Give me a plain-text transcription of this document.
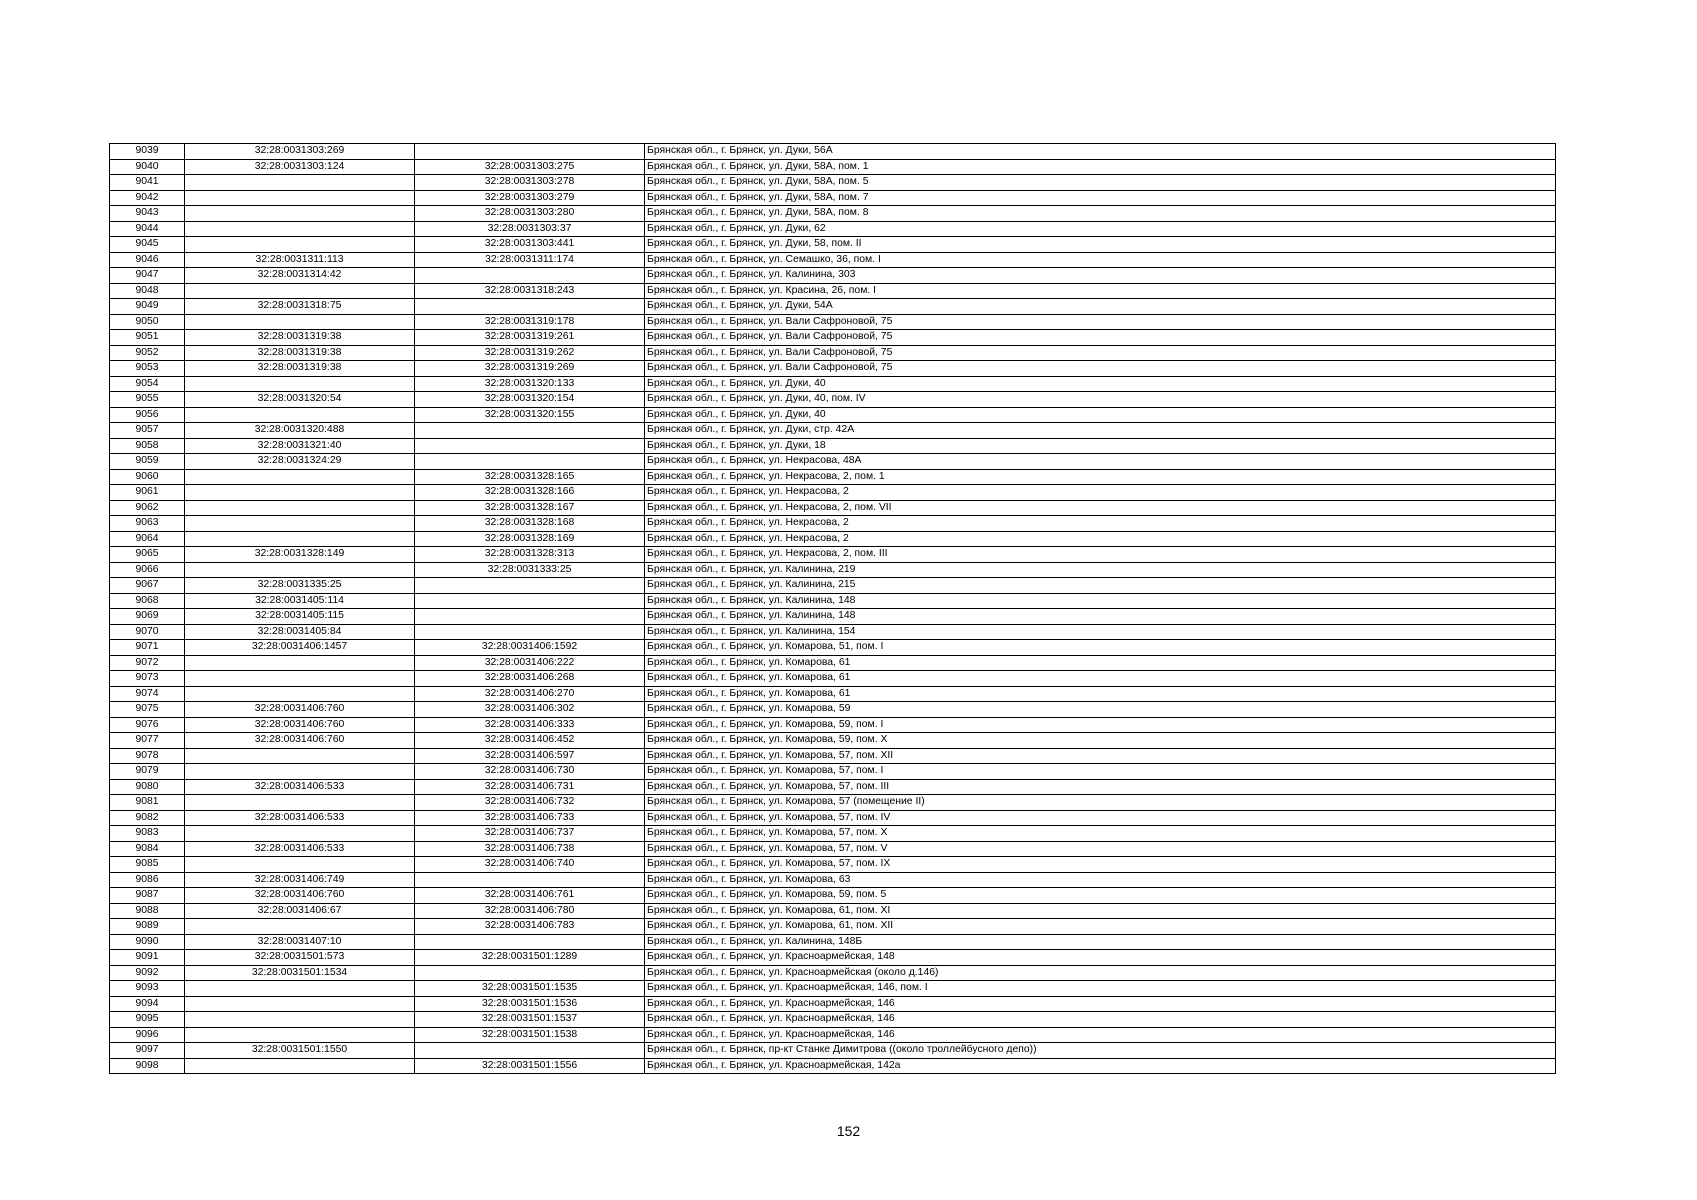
9039	32:28:0031303:269		Брянская обл., г. Брянск, ул. Дуки, 56А
9040	32:28:0031303:124	32:28:0031303:275	Брянская обл., г. Брянск, ул. Дуки, 58А, пом. 1
9041		32:28:0031303:278	Брянская обл., г. Брянск, ул. Дуки, 58А, пом. 5
9042		32:28:0031303:279	Брянская обл., г. Брянск, ул. Дуки, 58А, пом. 7
9043		32:28:0031303:280	Брянская обл., г. Брянск, ул. Дуки, 58А, пом. 8
9044		32:28:0031303:37	Брянская обл., г. Брянск, ул. Дуки, 62
9045		32:28:0031303:441	Брянская обл., г. Брянск, ул. Дуки, 58, пом. II
9046	32:28:0031311:113	32:28:0031311:174	Брянская обл., г. Брянск, ул. Семашко, 36, пом. I
9047	32:28:0031314:42		Брянская обл., г. Брянск, ул. Калинина, 303
9048		32:28:0031318:243	Брянская обл., г. Брянск, ул. Красина, 26, пом. I
9049	32:28:0031318:75		Брянская обл., г. Брянск, ул. Дуки, 54А
9050		32:28:0031319:178	Брянская обл., г. Брянск, ул. Вали Сафроновой, 75
9051	32:28:0031319:38	32:28:0031319:261	Брянская обл., г. Брянск, ул. Вали Сафроновой, 75
9052	32:28:0031319:38	32:28:0031319:262	Брянская обл., г. Брянск, ул. Вали Сафроновой, 75
9053	32:28:0031319:38	32:28:0031319:269	Брянская обл., г. Брянск, ул. Вали Сафроновой, 75
9054		32:28:0031320:133	Брянская обл., г. Брянск, ул. Дуки, 40
9055	32:28:0031320:54	32:28:0031320:154	Брянская обл., г. Брянск, ул. Дуки, 40, пом. IV
9056		32:28:0031320:155	Брянская обл., г. Брянск, ул. Дуки, 40
9057	32:28:0031320:488		Брянская обл., г. Брянск, ул. Дуки, стр. 42А
9058	32:28:0031321:40		Брянская обл., г. Брянск, ул. Дуки, 18
9059	32:28:0031324:29		Брянская обл., г. Брянск, ул. Некрасова, 48А
9060		32:28:0031328:165	Брянская обл., г. Брянск, ул. Некрасова, 2, пом. 1
9061		32:28:0031328:166	Брянская обл., г. Брянск, ул. Некрасова, 2
9062		32:28:0031328:167	Брянская обл., г. Брянск, ул. Некрасова, 2, пом. VII
9063		32:28:0031328:168	Брянская обл., г. Брянск, ул. Некрасова, 2
9064		32:28:0031328:169	Брянская обл., г. Брянск, ул. Некрасова, 2
9065	32:28:0031328:149	32:28:0031328:313	Брянская обл., г. Брянск, ул. Некрасова, 2, пом. III
9066		32:28:0031333:25	Брянская обл., г. Брянск, ул. Калинина, 219
9067	32:28:0031335:25		Брянская обл., г. Брянск, ул. Калинина, 215
9068	32:28:0031405:114		Брянская обл., г. Брянск, ул. Калинина, 148
9069	32:28:0031405:115		Брянская обл., г. Брянск, ул. Калинина, 148
9070	32:28:0031405:84		Брянская обл., г. Брянск, ул. Калинина, 154
9071	32:28:0031406:1457	32:28:0031406:1592	Брянская обл., г. Брянск, ул. Комарова, 51, пом. I
9072		32:28:0031406:222	Брянская обл., г. Брянск, ул. Комарова, 61
9073		32:28:0031406:268	Брянская обл., г. Брянск, ул. Комарова, 61
9074		32:28:0031406:270	Брянская обл., г. Брянск, ул. Комарова, 61
9075	32:28:0031406:760	32:28:0031406:302	Брянская обл., г. Брянск, ул. Комарова, 59
9076	32:28:0031406:760	32:28:0031406:333	Брянская обл., г. Брянск, ул. Комарова, 59, пом. I
9077	32:28:0031406:760	32:28:0031406:452	Брянская обл., г. Брянск, ул. Комарова, 59, пом. X
9078		32:28:0031406:597	Брянская обл., г. Брянск, ул. Комарова, 57, пом. XII
9079		32:28:0031406:730	Брянская обл., г. Брянск, ул. Комарова, 57, пом. I
9080	32:28:0031406:533	32:28:0031406:731	Брянская обл., г. Брянск, ул. Комарова, 57, пом. III
9081		32:28:0031406:732	Брянская обл., г. Брянск, ул. Комарова, 57 (помещение II)
9082	32:28:0031406:533	32:28:0031406:733	Брянская обл., г. Брянск, ул. Комарова, 57, пом. IV
9083		32:28:0031406:737	Брянская обл., г. Брянск, ул. Комарова, 57, пом. X
9084	32:28:0031406:533	32:28:0031406:738	Брянская обл., г. Брянск, ул. Комарова, 57, пом. V
9085		32:28:0031406:740	Брянская обл., г. Брянск, ул. Комарова, 57, пом. IX
9086	32:28:0031406:749		Брянская обл., г. Брянск, ул. Комарова, 63
9087	32:28:0031406:760	32:28:0031406:761	Брянская обл., г. Брянск, ул. Комарова, 59, пом. 5
9088	32:28:0031406:67	32:28:0031406:780	Брянская обл., г. Брянск, ул. Комарова, 61, пом. XI
9089		32:28:0031406:783	Брянская обл., г. Брянск, ул. Комарова, 61, пом. XII
9090	32:28:0031407:10		Брянская обл., г. Брянск, ул. Калинина, 148Б
9091	32:28:0031501:573	32:28:0031501:1289	Брянская обл., г. Брянск, ул. Красноармейская, 148
9092	32:28:0031501:1534		Брянская обл., г. Брянск, ул. Красноармейская (около д.146)
9093		32:28:0031501:1535	Брянская обл., г. Брянск, ул. Красноармейская, 146, пом. I
9094		32:28:0031501:1536	Брянская обл., г. Брянск, ул. Красноармейская, 146
9095		32:28:0031501:1537	Брянская обл., г. Брянск, ул. Красноармейская, 146
9096		32:28:0031501:1538	Брянская обл., г. Брянск, ул. Красноармейская, 146
9097	32:28:0031501:1550		Брянская обл., г. Брянск, пр-кт Станке Димитрова ((около троллейбусного депо))
9098		32:28:0031501:1556	Брянская обл., г. Брянск, ул. Красноармейская, 142а
152
